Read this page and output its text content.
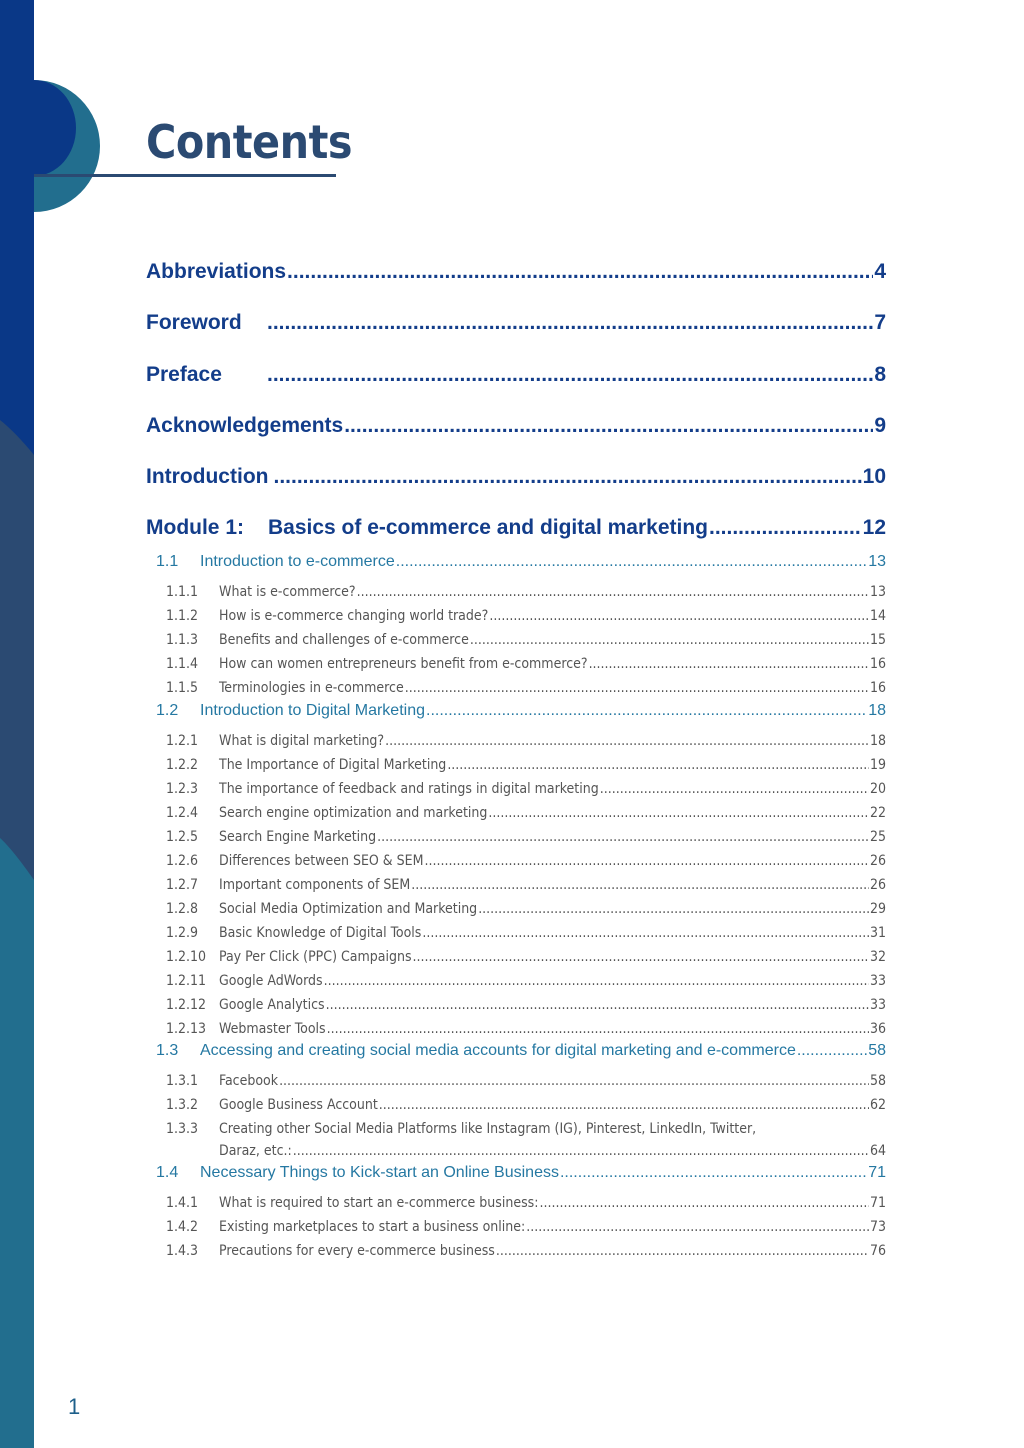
Contents
Abbreviations .....	4
Foreword .....	7
Preface .....	8
Acknowledgements .....	9
Introduction .....	10
Module 1:	Basics of e-commerce and digital marketing .....	12
1.1	Introduction to e-commerce .....	13
1.1.1	What is e-commerce? .....	13
1.1.2	How is e-commerce changing world trade? .....	14
1.1.3	Benefits and challenges of e-commerce .....	15
1.1.4	How can women entrepreneurs benefit from e-commerce? .....	16
1.1.5	Terminologies in e-commerce .....	16
1.2	Introduction to Digital Marketing .....	18
1.2.1	What is digital marketing? .....	18
1.2.2	The Importance of Digital Marketing .....	19
1.2.3	The importance of feedback and ratings in digital marketing .....	20
1.2.4	Search engine optimization and marketing .....	22
1.2.5	Search Engine Marketing .....	25
1.2.6	Differences between SEO & SEM .....	26
1.2.7	Important components of SEM .....	26
1.2.8	Social Media Optimization and Marketing .....	29
1.2.9	Basic Knowledge of Digital Tools .....	31
1.2.10 Pay Per Click (PPC) Campaigns .....	32
1.2.11 Google AdWords .....	33
1.2.12 Google Analytics .....	33
1.2.13 Webmaster Tools .....	36
1.3	Accessing and creating social media accounts for digital marketing and e-commerce .....	58
1.3.1	Facebook .....	58
1.3.2	Google Business Account .....	62
1.3.3 Creating other Social Media Platforms like Instagram (IG), Pinterest, LinkedIn, Twitter,
Daraz, etc.: .....	64
1.4	Necessary Things to Kick-start an Online Business .....	71
1.4.1	What is required to start an e-commerce business: .....	71
1.4.2	Existing marketplaces to start a business online: .....	73
1.4.3	Precautions for every e-commerce business .....	76
1
